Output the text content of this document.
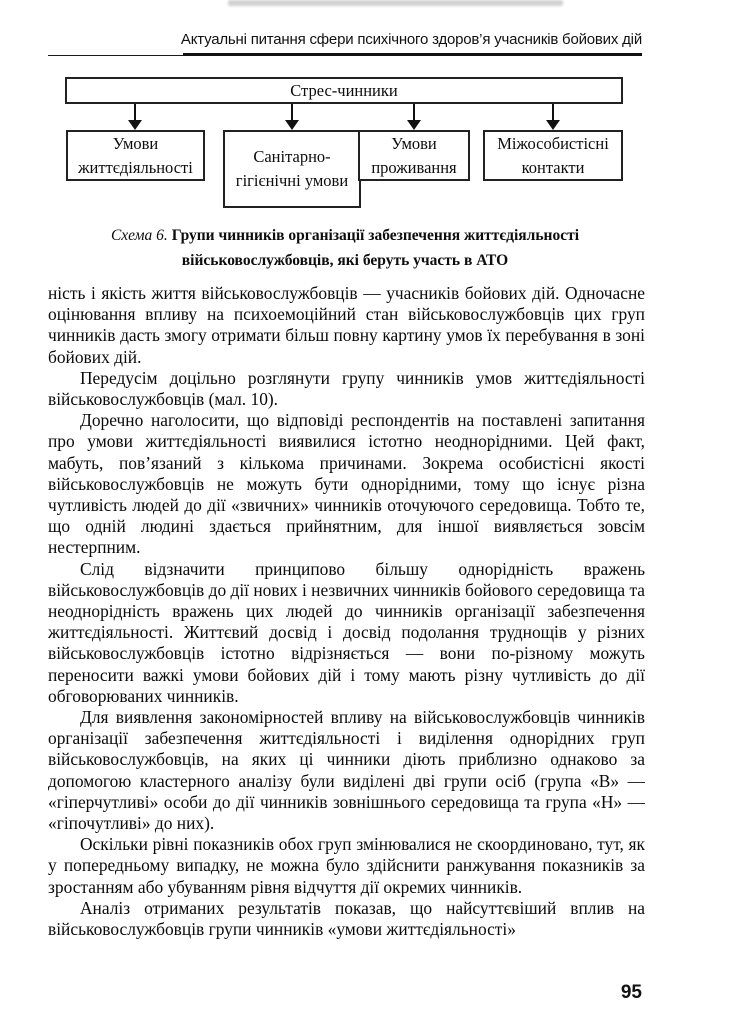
Актуальні питання сфери психічного здоров’я учасників бойових дій
Стрес-чинники
Умови життєдіяльності
Санітарно-гігієнічні умови
Умови проживання
Міжособистісні контакти
Схема 6. Групи чинників організації забезпечення життєдіяльності військовослужбовців, які беруть участь в АТО

ність і якість життя військовослужбовців — учасників бойових дій. Одночасне оцінювання впливу на психоемоційний стан військовослужбовців цих груп чинників дасть змогу отримати більш повну картину умов їх перебування в зоні бойових дій.

Передусім доцільно розглянути групу чинників умов життєдіяльності військовослужбовців (мал. 10).

Доречно наголосити, що відповіді респондентів на поставлені запитання про умови життєдіяльності виявилися істотно неоднорідними. Цей факт, мабуть, пов’язаний з кількома причинами. Зокрема особистісні якості військовослужбовців не можуть бути однорідними, тому що існує різна чутливість людей до дії «звичних» чинників оточуючого середовища. Тобто те, що одній людині здається прийнятним, для іншої виявляється зовсім нестерпним.

Слід відзначити принципово більшу однорідність вражень військовослужбовців до дії нових і незвичних чинників бойового середовища та неоднорідність вражень цих людей до чинників організації забезпечення життєдіяльності. Життєвий досвід і досвід подолання труднощів у різних військовослужбовців істотно відрізняється — вони по-різному можуть переносити важкі умови бойових дій і тому мають різну чутливість до дії обговорюваних чинників.

Для виявлення закономірностей впливу на військовослужбовців чинників організації забезпечення життєдіяльності і виділення однорідних груп військовослужбовців, на яких ці чинники діють приблизно однаково за допомогою кластерного аналізу були виділені дві групи осіб (група «В» — «гіперчутливі» особи до дії чинників зовнішнього середовища та група «Н» — «гіпочутливі» до них).

Оскільки рівні показників обох груп змінювалися не скоординовано, тут, як у попередньому випадку, не можна було здійснити ранжування показників за зростанням або убуванням рівня відчуття дії окремих чинників.

Аналіз отриманих результатів показав, що найсуттєвіший вплив на військовослужбовців групи чинників «умови життєдіяльності»

95
